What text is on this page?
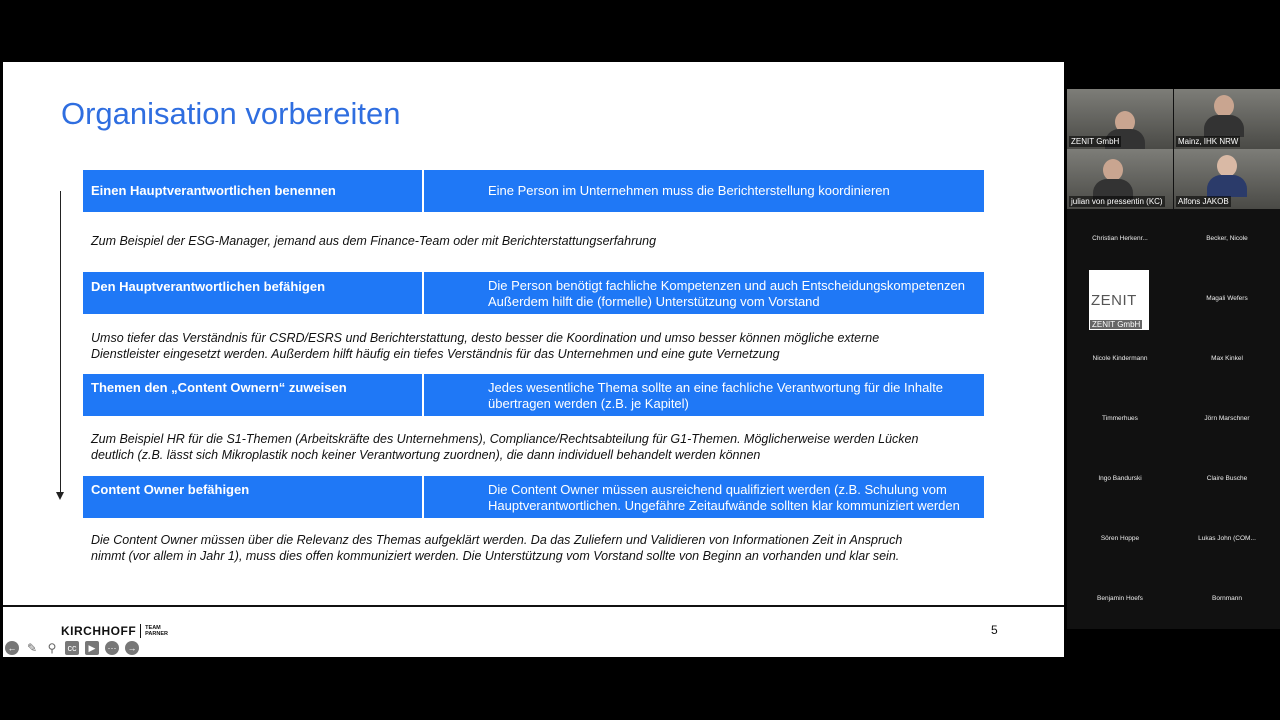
Organisation vorbereiten
Einen Hauptverantwortlichen benennen	Eine Person im Unternehmen muss die Berichterstellung koordinieren
Zum Beispiel der ESG-Manager, jemand aus dem Finance-Team oder mit Berichterstattungserfahrung
Den Hauptverantwortlichen befähigen	Die Person benötigt fachliche Kompetenzen und auch Entscheidungskompetenzen
Außerdem hilft die (formelle) Unterstützung vom Vorstand
Umso tiefer das Verständnis für CSRD/ESRS und Berichterstattung, desto besser die Koordination und umso besser können mögliche externe
Dienstleister eingesetzt werden. Außerdem hilft häufig ein tiefes Verständnis für das Unternehmen und eine gute Vernetzung
Themen den „Content Ownern“ zuweisen	Jedes wesentliche Thema sollte an eine fachliche Verantwortung für die Inhalte
übertragen werden (z.B. je Kapitel)
Zum Beispiel HR für die S1-Themen (Arbeitskräfte des Unternehmens), Compliance/Rechtsabteilung für G1-Themen. Möglicherweise werden Lücken
deutlich (z.B. lässt sich Mikroplastik noch keiner Verantwortung zuordnen), die dann individuell behandelt werden können
Content Owner befähigen	Die Content Owner müssen ausreichend qualifiziert werden (z.B. Schulung vom
Hauptverantwortlichen. Ungefähre Zeitaufwände sollten klar kommuniziert werden
Die Content Owner müssen über die Relevanz des Themas aufgeklärt werden. Da das Zuliefern und Validieren von Informationen Zeit in Anspruch
nimmt (vor allem in Jahr 1), muss dies offen kommuniziert werden. Die Unterstützung vom Vorstand sollte von Beginn an vorhanden und klar sein.
KIRCHHOFF TEAM
PARNER	5
← ✎ ⚲ cc	▶	⋯ →
ZENIT GmbH	Mainz, IHK NRW
julian von pressentin (KC) Alfons JAKOB
Christian Herkenr...	Becker, Nicole
ZENIT
ZENIT GmbH
Magali Wefers
Nicole Kindermann	Max Kinkel
Timmerhues	Jörn Marschner
Ingo Bandurski	Claire Busche
Sören Hoppe	Lukas John (COM...
Benjamin Hoefs	Bornmann
